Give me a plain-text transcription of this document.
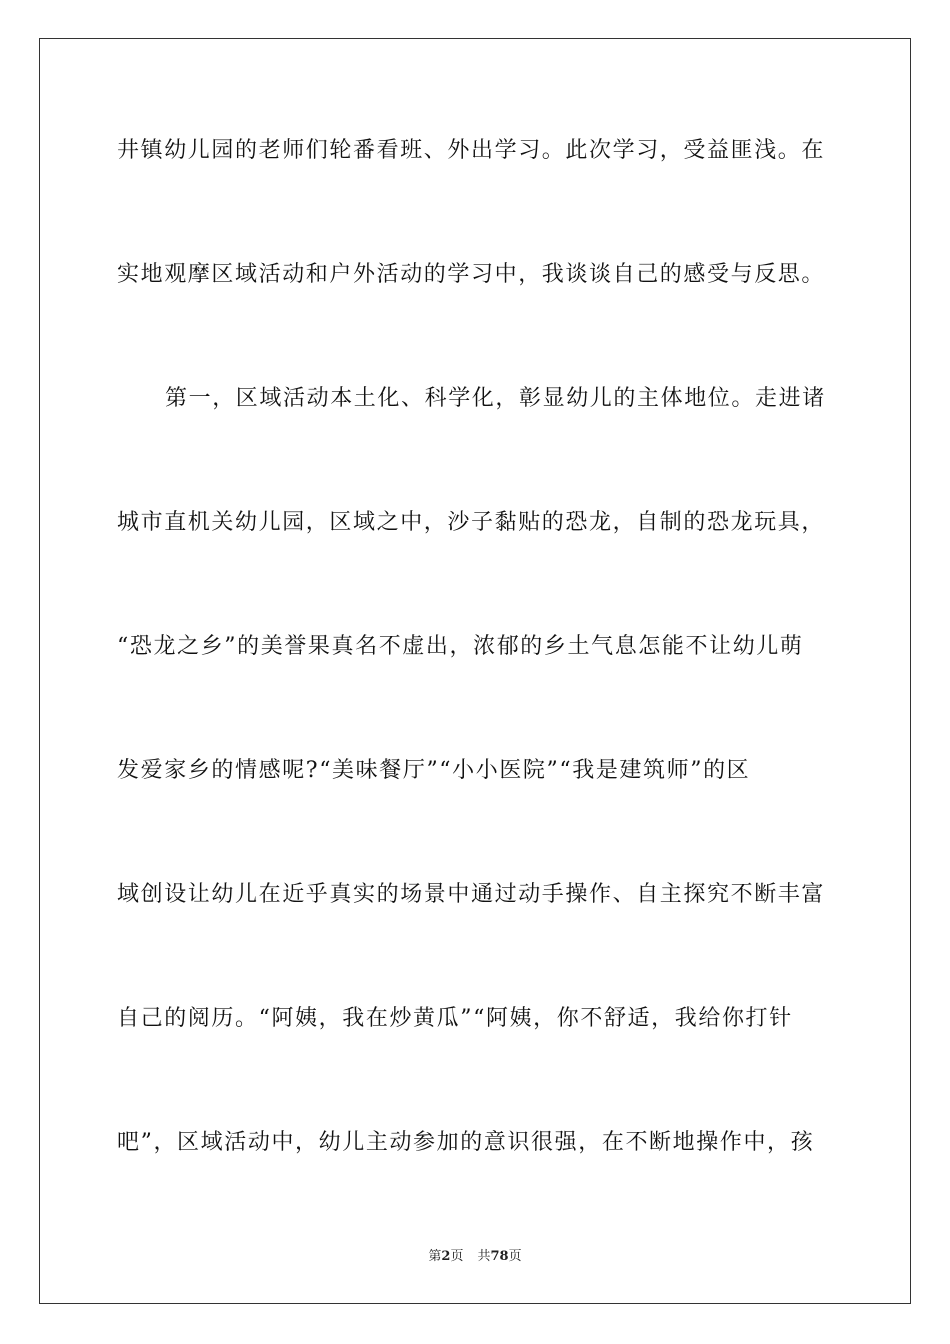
井镇幼儿园的老师们轮番看班、外出学习。此次学习，受益匪浅。在
实地观摩区域活动和户外活动的学习中，我谈谈自己的感受与反思。
第一，区域活动本土化、科学化，彰显幼儿的主体地位。走进诸
城市直机关幼儿园，区域之中，沙子黏贴的恐龙，自制的恐龙玩具，
“恐龙之乡”的美誉果真名不虚出，浓郁的乡土气息怎能不让幼儿萌
发爱家乡的情感呢?“美味餐厅”“小小医院”“我是建筑师”的区
域创设让幼儿在近乎真实的场景中通过动手操作、自主探究不断丰富
自己的阅历。“阿姨，我在炒黄瓜”“阿姨，你不舒适，我给你打针
吧”，区域活动中，幼儿主动参加的意识很强，在不断地操作中，孩
第2页 共78页
